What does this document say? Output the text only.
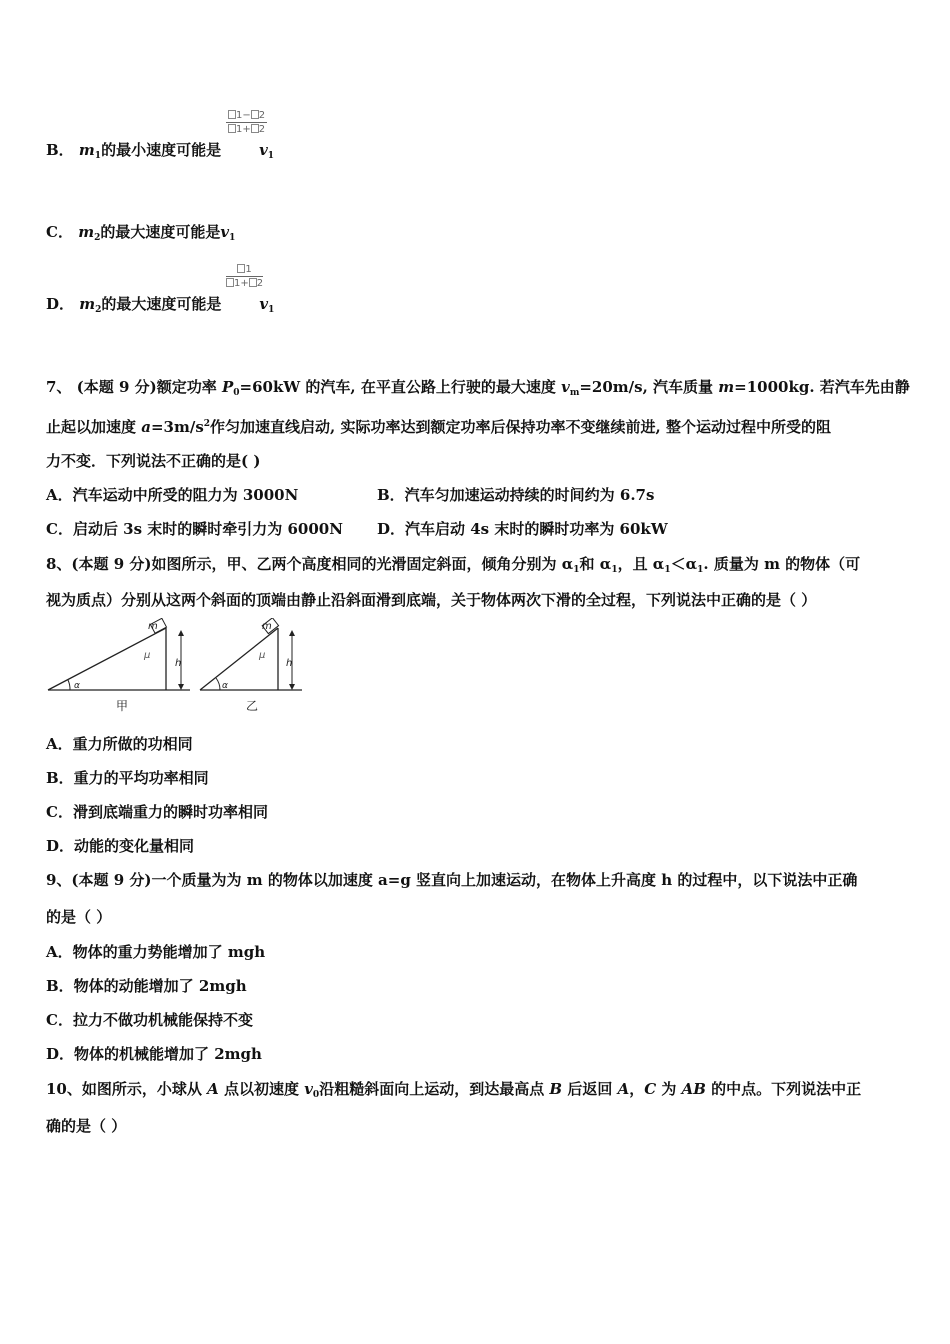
$\frac{1- 2}{1+ 2}$
B． $m_1$的最小速度可能是	$v_1$
C． $m_2$的最大速度可能是$v_1$
$\frac{1}{1+ 2}$
D． $m_2$的最大速度可能是	$v_1$
7、 (本题 9 分)额定功率 $P_0=60kW$ 的汽车, 在平直公路上行驶的最大速度 $v_m=20m/s$, 汽车质量 m=1000kg. 若汽车先由静
止起以加速度 $a=3m/s^2$作匀加速直线启动, 实际功率达到额定功率后保持功率不变继续前进, 整个运动过程中所受的阻
力不变．下列说法不正确的是( )
A．汽车运动中所受的阻力为 3000N	B．汽车匀加速运动持续的时间约为 6.7s
C．启动后 3s 末时的瞬时牵引力为 6000N D．汽车启动 4s 末时的瞬时功率为 60kW
8、(本题 9 分)如图所示，甲、乙两个高度相同的光滑固定斜面，倾角分别为 $\alpha_1$和 $\alpha_1$，且 $\alpha_1<\alpha_1$. 质量为 m 的物体（可
视为质点）分别从这两个斜面的顶端由静止沿斜面滑到底端，关于物体两次下滑的全过程，下列说法中正确的是（ ）
m
μ
h
α
甲
m
μ
h
α
乙
A．重力所做的功相同
B．重力的平均功率相同
C．滑到底端重力的瞬时功率相同
D．动能的变化量相同
9、(本题 9 分)一个质量为为 m 的物体以加速度 a=g 竖直向上加速运动，在物体上升高度 h 的过程中，以下说法中正确
的是（ ）
A．物体的重力势能增加了 mgh
B．物体的动能增加了 2mgh
C．拉力不做功机械能保持不变
D．物体的机械能增加了 2mgh
10、如图所示，小球从 A 点以初速度 $v_0$沿粗糙斜面向上运动，到达最高点 B 后返回 A，C 为 AB 的中点。下列说法中正
确的是（ ）
